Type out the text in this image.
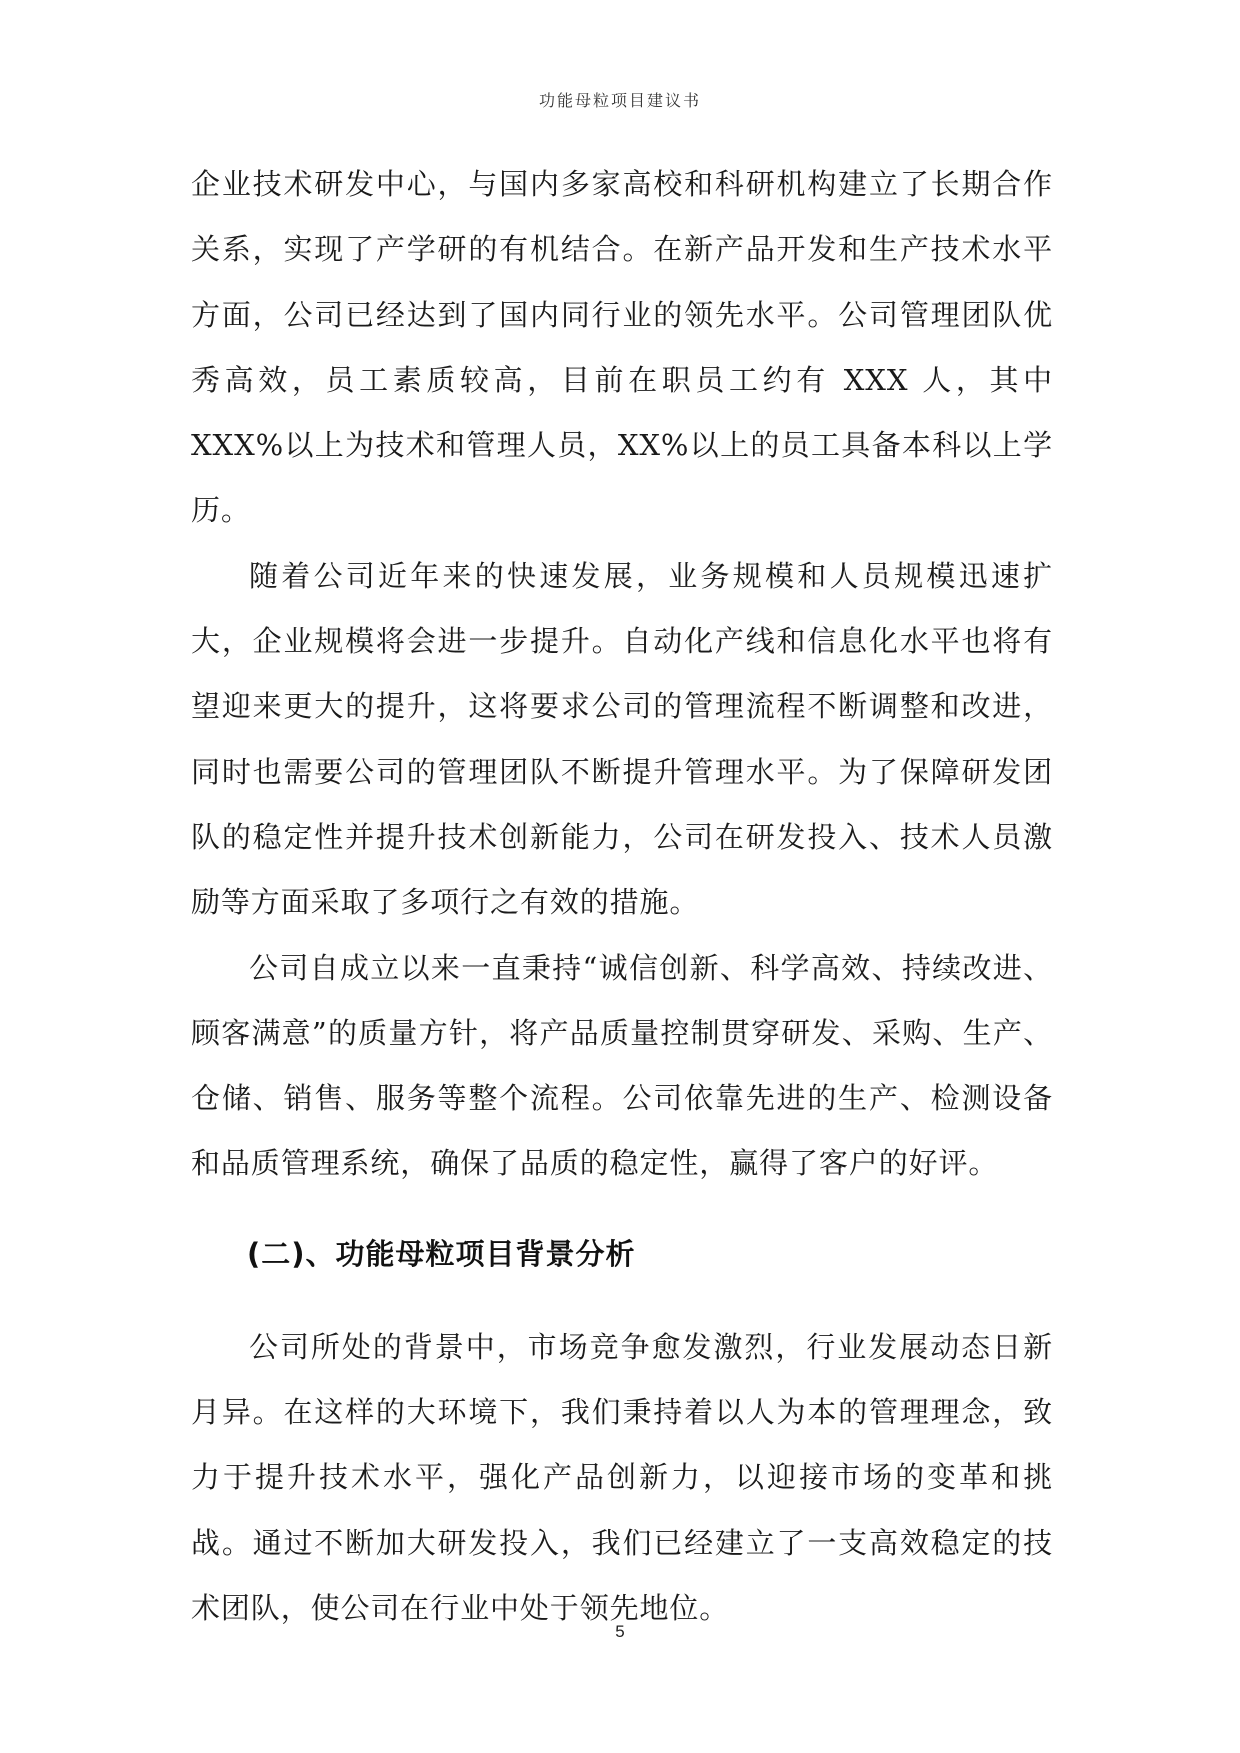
功能母粒项目建议书

企业技术研发中心，与国内多家高校和科研机构建立了长期合作关系，实现了产学研的有机结合。在新产品开发和生产技术水平方面，公司已经达到了国内同行业的领先水平。公司管理团队优秀高效，员工素质较高，目前在职员工约有 XXX 人，其中 XXX%以上为技术和管理人员，XX%以上的员工具备本科以上学历。

随着公司近年来的快速发展，业务规模和人员规模迅速扩大，企业规模将会进一步提升。自动化产线和信息化水平也将有望迎来更大的提升，这将要求公司的管理流程不断调整和改进，同时也需要公司的管理团队不断提升管理水平。为了保障研发团队的稳定性并提升技术创新能力，公司在研发投入、技术人员激励等方面采取了多项行之有效的措施。

公司自成立以来一直秉持“诚信创新、科学高效、持续改进、顾客满意”的质量方针，将产品质量控制贯穿研发、采购、生产、仓储、销售、服务等整个流程。公司依靠先进的生产、检测设备和品质管理系统，确保了品质的稳定性，赢得了客户的好评。

(二)、功能母粒项目背景分析

公司所处的背景中，市场竞争愈发激烈，行业发展动态日新月异。在这样的大环境下，我们秉持着以人为本的管理理念，致力于提升技术水平，强化产品创新力，以迎接市场的变革和挑战。通过不断加大研发投入，我们已经建立了一支高效稳定的技术团队，使公司在行业中处于领先地位。

5
